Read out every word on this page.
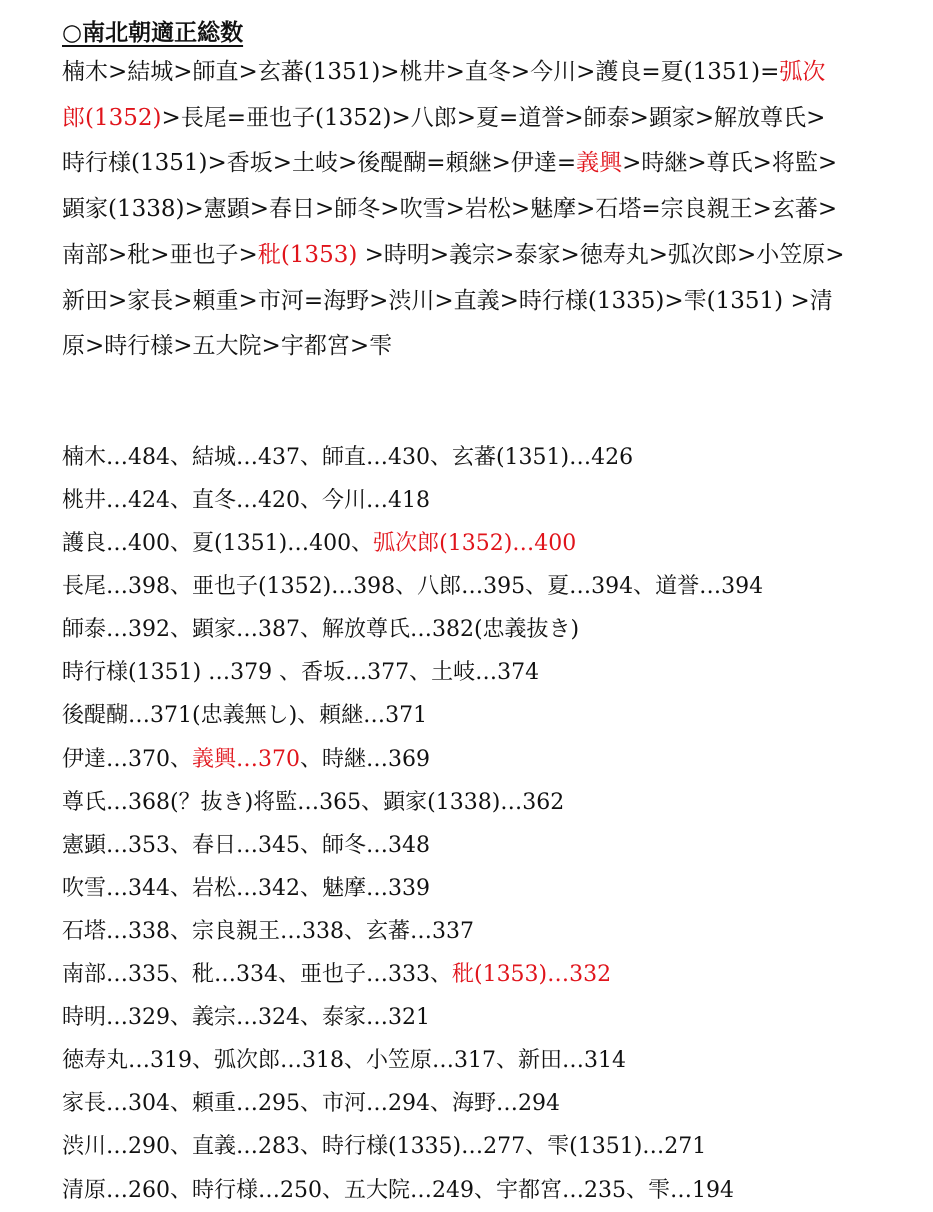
○南北朝適正総数
楠木>結城>師直>玄蕃(1351)>桃井>直冬>今川>護良=夏(1351)=弧次
郎(1352)>長尾=亜也子(1352)>八郎>夏=道誉>師泰>顕家>解放尊氏>
時行様(1351)>香坂>土岐>後醍醐=頼継>伊達=義興>時継>尊氏>将監>
顕家(1338)>憲顕>春日>師冬>吹雪>岩松>魅摩>石塔=宗良親王>玄蕃>
南部>秕>亜也子>秕(1353) >時明>義宗>泰家>徳寿丸>弧次郎>小笠原>
新田>家長>頼重>市河=海野>渋川>直義>時行様(1335)>雫(1351) >清
原>時行様>五大院>宇都宮>雫
楠木…484、結城…437、師直…430、玄蕃(1351)…426
桃井…424、直冬…420、今川…418
護良…400、夏(1351)…400、弧次郎(1352)…400
長尾…398、亜也子(1352)…398、八郎…395、夏…394、道誉…394
師泰…392、顕家…387、解放尊氏…382(忠義抜き)
時行様(1351) …379 、香坂…377、土岐…374
後醍醐…371(忠義無し)、頼継…371
伊達…370、義興…370、時継…369
尊氏…368(？抜き)将監…365、顕家(1338)…362
憲顕…353、春日…345、師冬…348
吹雪…344、岩松…342、魅摩…339
石塔…338、宗良親王…338、玄蕃…337
南部…335、秕…334、亜也子…333、秕(1353)…332
時明…329、義宗…324、泰家…321
徳寿丸…319、弧次郎…318、小笠原…317、新田…314
家長…304、頼重…295、市河…294、海野…294
渋川…290、直義…283、時行様(1335)…277、雫(1351)…271
清原…260、時行様…250、五大院…249、宇都宮…235、雫…194
